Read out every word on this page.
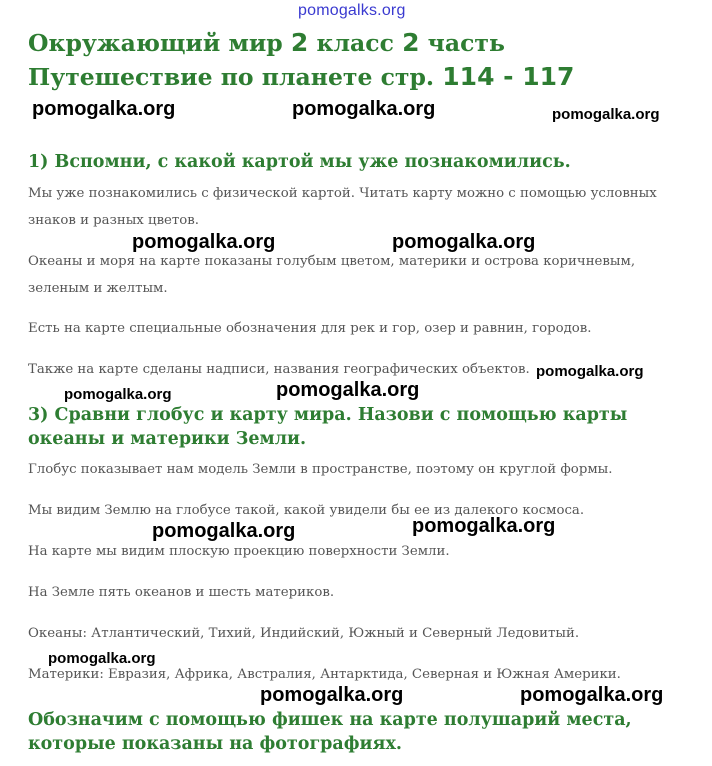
pomogalks.org
Окружающий мир 2 класс 2 часть Путешествие по планете стр. 114 - 117
pomogalka.org	pomogalka.org	pomogalka.org
1) Вспомни, с какой картой мы уже познакомились.

Мы уже познакомились с физической картой. Читать карту можно с помощью условных знаков и разных цветов.

pomogalka.org	pomogalka.org

Океаны и моря на карте показаны голубым цветом, материки и острова коричневым, зеленым и желтым.

Есть на карте специальные обозначения для рек и гор, озер и равнин, городов.

Также на карте сделаны надписи, названия географических объектов. pomogalka.org
pomogalka.org	pomogalka.org
3) Сравни глобус и карту мира. Назови с помощью карты океаны и материки Земли.

Глобус показывает нам модель Земли в пространстве, поэтому он круглой формы.

Мы видим Землю на глобусе такой, какой увидели бы ее из далекого космоса.

pomogalka.org	pomogalka.org

На карте мы видим плоскую проекцию поверхности Земли.

На Земле пять океанов и шесть материков.

Океаны: Атлантический, Тихий, Индийский, Южный и Северный Ледовитый.

pomogalka.org

Материки: Евразия, Африка, Австралия, Антарктида, Северная и Южная Америки.

pomogalka.org	pomogalka.org
Обозначим с помощью фишек на карте полушарий места, которые показаны на фотографиях.
